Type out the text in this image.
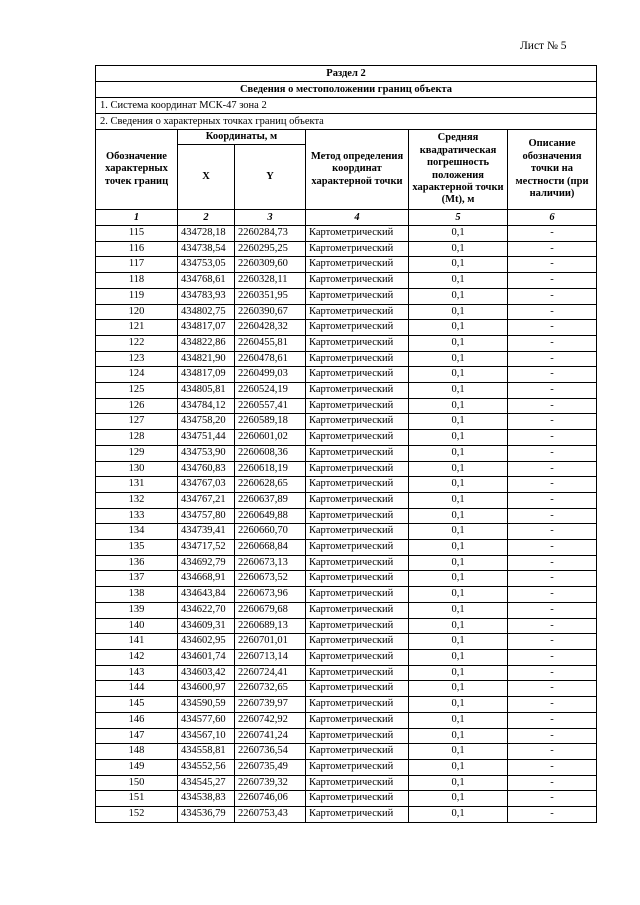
Лист № 5
Раздел 2					
Сведения о местоположении границ объекта					
1. Система координат МСК-47 зона 2					
2. Сведения о характерных точках границ объекта					
Обозначение характерных точек границ	Координаты, м		Метод определения координат характерной точки	Средняя квадратическая погрешность положения характерной точки (Mt), м	Описание обозначения точки на местности (при наличии)
	X	Y			
1	2	3	4	5	6
115	434728,18	2260284,73	Картометрический	0,1	-
116	434738,54	2260295,25	Картометрический	0,1	-
117	434753,05	2260309,60	Картометрический	0,1	-
118	434768,61	2260328,11	Картометрический	0,1	-
119	434783,93	2260351,95	Картометрический	0,1	-
120	434802,75	2260390,67	Картометрический	0,1	-
121	434817,07	2260428,32	Картометрический	0,1	-
122	434822,86	2260455,81	Картометрический	0,1	-
123	434821,90	2260478,61	Картометрический	0,1	-
124	434817,09	2260499,03	Картометрический	0,1	-
125	434805,81	2260524,19	Картометрический	0,1	-
126	434784,12	2260557,41	Картометрический	0,1	-
127	434758,20	2260589,18	Картометрический	0,1	-
128	434751,44	2260601,02	Картометрический	0,1	-
129	434753,90	2260608,36	Картометрический	0,1	-
130	434760,83	2260618,19	Картометрический	0,1	-
131	434767,03	2260628,65	Картометрический	0,1	-
132	434767,21	2260637,89	Картометрический	0,1	-
133	434757,80	2260649,88	Картометрический	0,1	-
134	434739,41	2260660,70	Картометрический	0,1	-
135	434717,52	2260668,84	Картометрический	0,1	-
136	434692,79	2260673,13	Картометрический	0,1	-
137	434668,91	2260673,52	Картометрический	0,1	-
138	434643,84	2260673,96	Картометрический	0,1	-
139	434622,70	2260679,68	Картометрический	0,1	-
140	434609,31	2260689,13	Картометрический	0,1	-
141	434602,95	2260701,01	Картометрический	0,1	-
142	434601,74	2260713,14	Картометрический	0,1	-
143	434603,42	2260724,41	Картометрический	0,1	-
144	434600,97	2260732,65	Картометрический	0,1	-
145	434590,59	2260739,97	Картометрический	0,1	-
146	434577,60	2260742,92	Картометрический	0,1	-
147	434567,10	2260741,24	Картометрический	0,1	-
148	434558,81	2260736,54	Картометрический	0,1	-
149	434552,56	2260735,49	Картометрический	0,1	-
150	434545,27	2260739,32	Картометрический	0,1	-
151	434538,83	2260746,06	Картометрический	0,1	-
152	434536,79	2260753,43	Картометрический	0,1	-
